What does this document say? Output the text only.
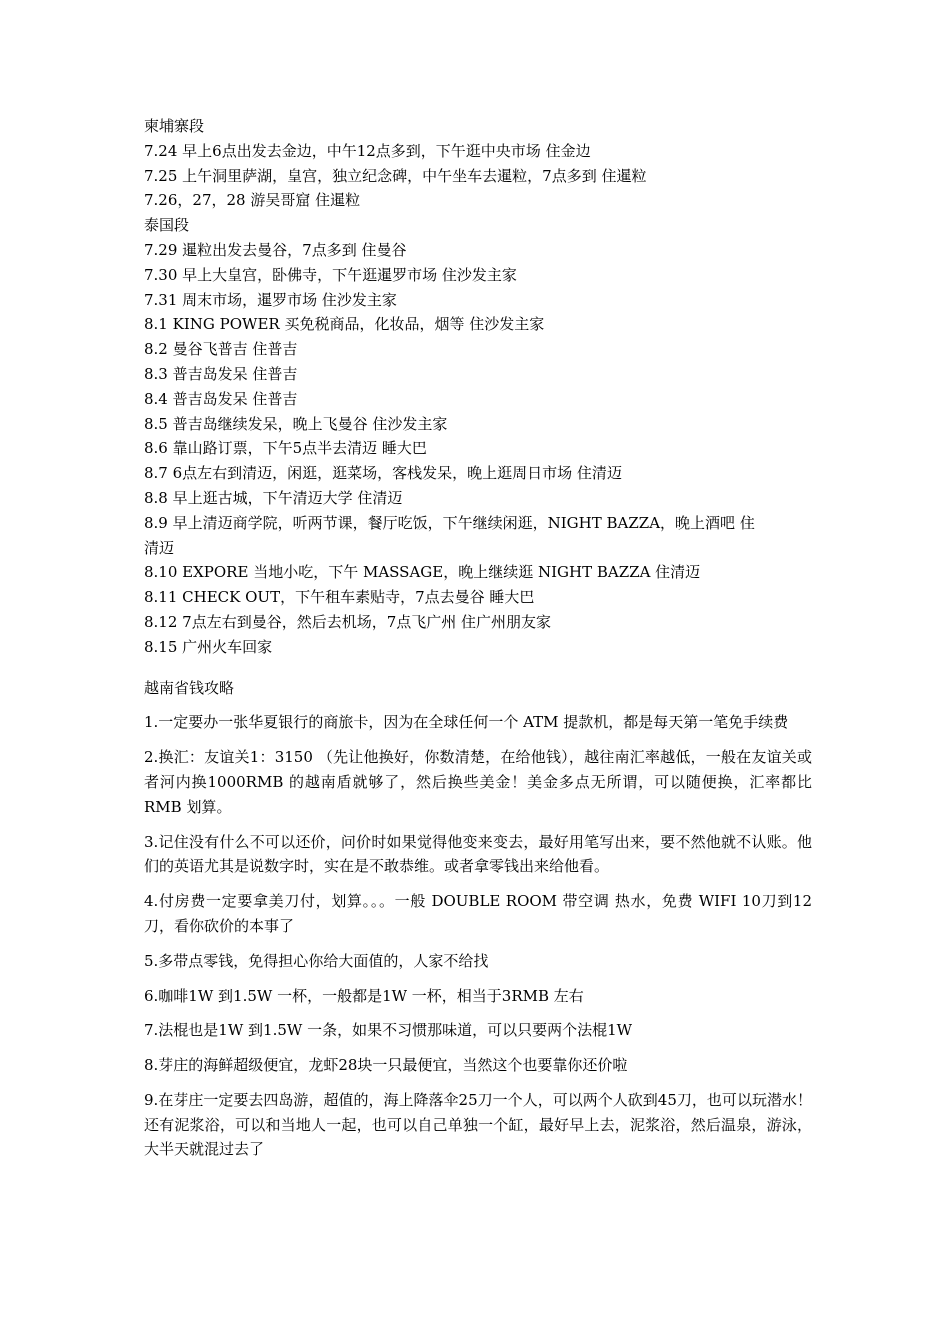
柬埔寨段
7.24 早上6点出发去金边，中午12点多到，下午逛中央市场 住金边
7.25 上午洞里萨湖，皇宫，独立纪念碑，中午坐车去暹粒，7点多到 住暹粒
7.26，27，28 游吴哥窟 住暹粒
泰国段
7.29 暹粒出发去曼谷，7点多到 住曼谷
7.30 早上大皇宫，卧佛寺，下午逛暹罗市场 住沙发主家
7.31 周末市场，暹罗市场 住沙发主家
8.1 KING POWER 买免税商品，化妆品，烟等 住沙发主家
8.2 曼谷飞普吉 住普吉
8.3 普吉岛发呆 住普吉
8.4 普吉岛发呆 住普吉
8.5 普吉岛继续发呆，晚上飞曼谷 住沙发主家
8.6 靠山路订票，下午5点半去清迈 睡大巴
8.7 6点左右到清迈，闲逛，逛菜场，客栈发呆，晚上逛周日市场 住清迈
8.8 早上逛古城，下午清迈大学 住清迈
8.9 早上清迈商学院，听两节课，餐厅吃饭，下午继续闲逛，NIGHT BAZZA，晚上酒吧 住
清迈
8.10 EXPORE 当地小吃，下午 MASSAGE，晚上继续逛 NIGHT BAZZA 住清迈
8.11 CHECK OUT，下午租车素贴寺，7点去曼谷 睡大巴
8.12 7点左右到曼谷，然后去机场，7点飞广州 住广州朋友家
8.15 广州火车回家
越南省钱攻略
1.一定要办一张华夏银行的商旅卡，因为在全球任何一个 ATM 提款机，都是每天第一笔免手续费
2.换汇：友谊关1：3150 （先让他换好，你数清楚，在给他钱），越往南汇率越低，一般在友谊关或者河内换1000RMB 的越南盾就够了，然后换些美金！美金多点无所谓，可以随便换，汇率都比 RMB 划算。
3.记住没有什么不可以还价，问价时如果觉得他变来变去，最好用笔写出来，要不然他就不认账。他们的英语尤其是说数字时，实在是不敢恭维。或者拿零钱出来给他看。
4.付房费一定要拿美刀付，划算。。。一般 DOUBLE ROOM 带空调 热水，免费 WIFI 10刀到12刀，看你砍价的本事了
5.多带点零钱，免得担心你给大面值的，人家不给找
6.咖啡1W 到1.5W 一杯，一般都是1W 一杯，相当于3RMB 左右
7.法棍也是1W 到1.5W 一条，如果不习惯那味道，可以只要两个法棍1W
8.芽庄的海鲜超级便宜，龙虾28块一只最便宜，当然这个也要靠你还价啦
9.在芽庄一定要去四岛游，超值的，海上降落伞25刀一个人，可以两个人砍到45刀，也可以玩潜水！还有泥浆浴，可以和当地人一起，也可以自己单独一个缸，最好早上去，泥浆浴，然后温泉，游泳，大半天就混过去了
